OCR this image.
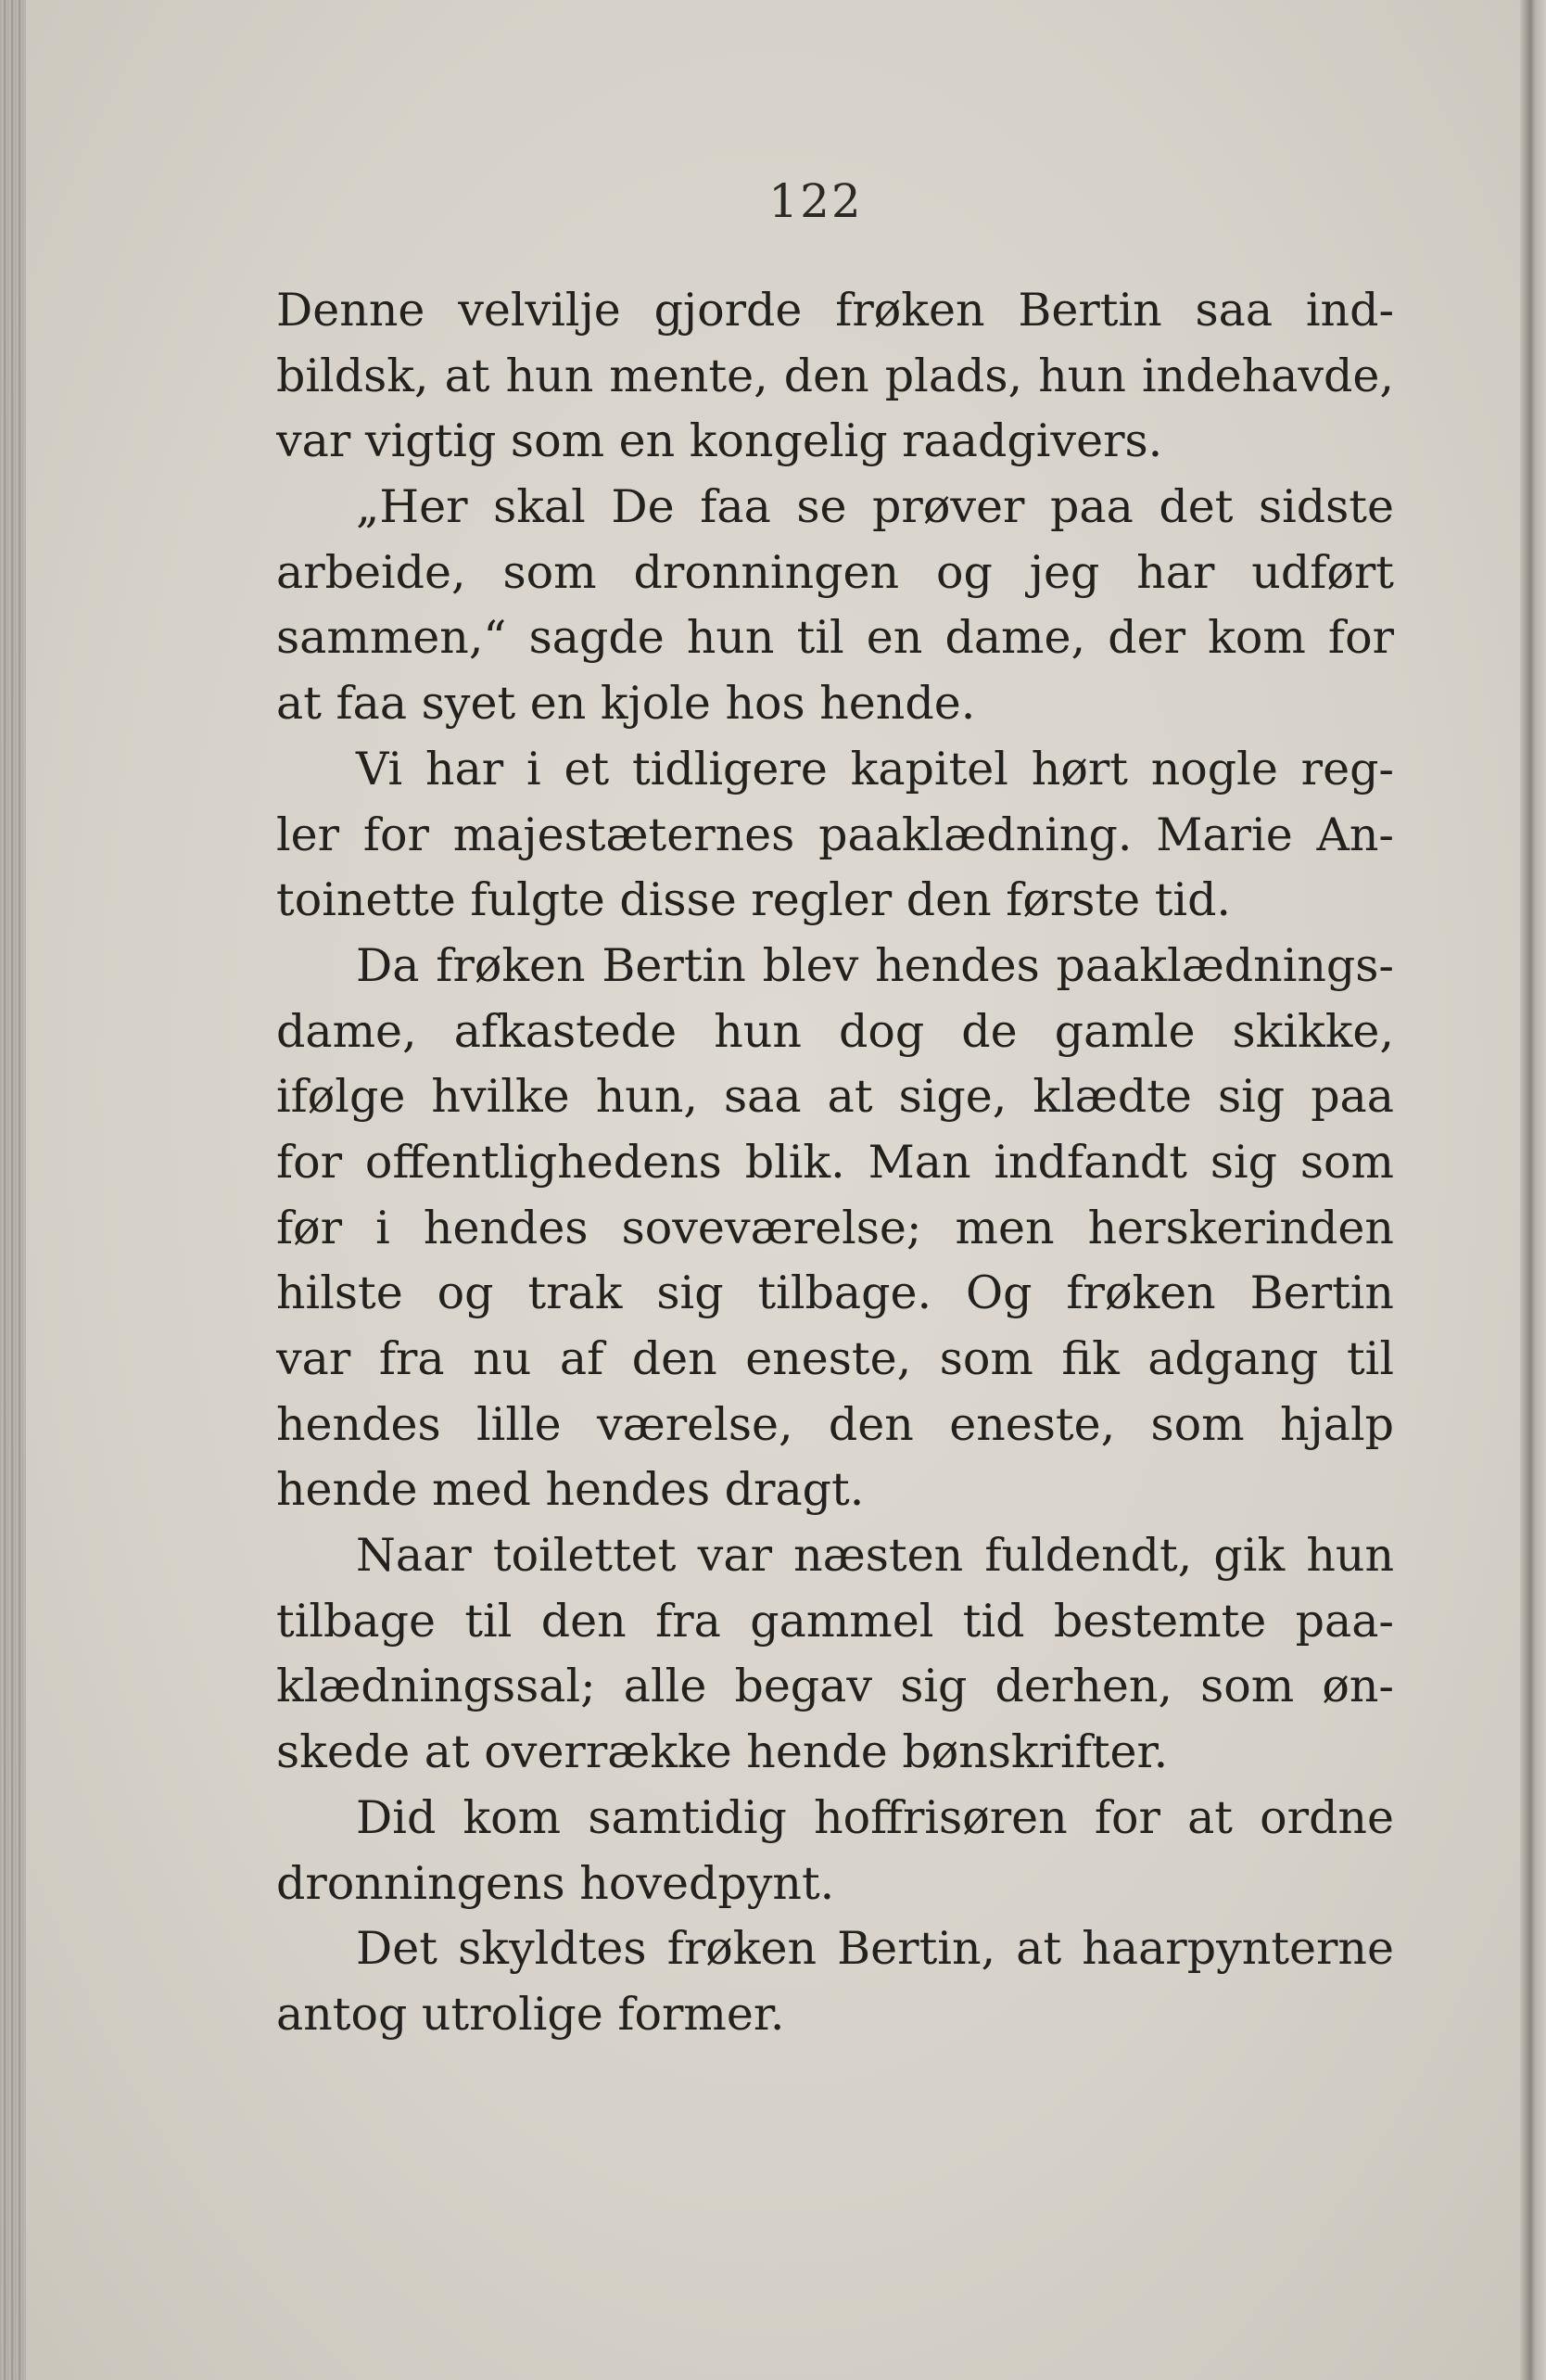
122
Denne velvilje gjorde frøken Bertin saa ind-
bildsk, at hun mente, den plads, hun indehavde,
var vigtig som en kongelig raadgivers.
„Her skal De faa se prøver paa det sidste
arbeide, som dronningen og jeg har udført
sammen,“ sagde hun til en dame, der kom for
at faa syet en kjole hos hende.
Vi har i et tidligere kapitel hørt nogle reg-
ler for majestæternes paaklædning. Marie An-
toinette fulgte disse regler den første tid.
Da frøken Bertin blev hendes paaklædnings-
dame, afkastede hun dog de gamle skikke,
ifølge hvilke hun, saa at sige, klædte sig paa
for offentlighedens blik. Man indfandt sig som
før i hendes soveværelse; men herskerinden
hilste og trak sig tilbage. Og frøken Bertin
var fra nu af den eneste, som fik adgang til
hendes lille værelse, den eneste, som hjalp
hende med hendes dragt.
Naar toilettet var næsten fuldendt, gik hun
tilbage til den fra gammel tid bestemte paa-
klædningssal; alle begav sig derhen, som øn-
skede at overrække hende bønskrifter.
Did kom samtidig hoffrisøren for at ordne
dronningens hovedpynt.
Det skyldtes frøken Bertin, at haarpynterne
antog utrolige former.
